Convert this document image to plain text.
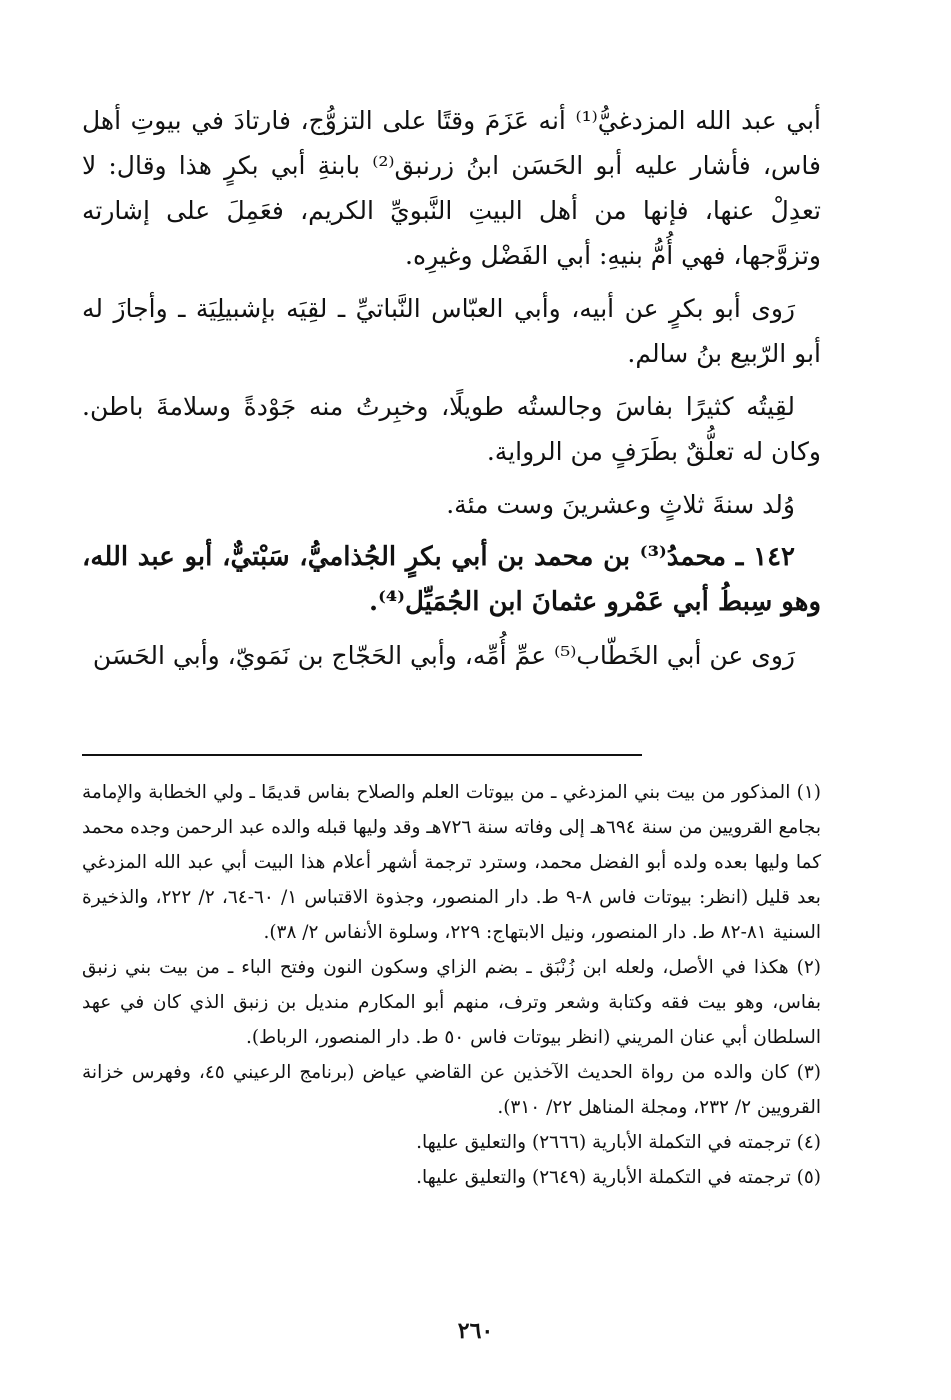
أبي عبد الله المزدغيُّ⁽¹⁾ أنه عَزَمَ وقتًا على التزوُّج، فارتادَ في بيوتِ أهل فاس، فأشار عليه أبو الحَسَن ابنُ زرنبق⁽²⁾ بابنةِ أبي بكرٍ هذا وقال: لا تعدِلْ عنها، فإنها من أهل البيتِ النَّبويِّ الكريم، فعَمِلَ على إشارته وتزوَّجها، فهي أُمُّ بنيهِ: أبي الفَضْل وغيرِه.

رَوى أبو بكرٍ عن أبيه، وأبي العبّاس النَّباتيِّ ـ لقِيَه بإشبيلِيَة ـ وأجازَ له أبو الرّبيع بنُ سالم.

لقِيتُه كثيرًا بفاسَ وجالستُه طويلًا، وخبِرتُ منه جَوْدةً وسلامةَ باطن. وكان له تعلُّقٌ بطَرَفٍ من الرواية.

وُلد سنةَ ثلاثٍ وعشرينَ وست مئة.

١٤٢ ـ محمدُ⁽³⁾ بن محمد بن أبي بكرٍ الجُذاميُّ، سَبْتيٌّ، أبو عبد الله، وهو سِبطُ أبي عَمْرو عثمانَ ابن الجُمَيِّل⁽⁴⁾.

رَوى عن أبي الخَطّاب⁽⁵⁾ عمِّ أُمِّه، وأبي الحَجّاج بن نَمَويّ، وأبي الحَسَن

(١) المذكور من بيت بني المزدغي ـ من بيوتات العلم والصلاح بفاس قديمًا ـ ولي الخطابة والإمامة بجامع القرويين من سنة ٦٩٤هـ إلى وفاته سنة ٧٢٦هـ وقد وليها قبله والده عبد الرحمن وجده محمد كما وليها بعده ولده أبو الفضل محمد، وسترد ترجمة أشهر أعلام هذا البيت أبي عبد الله المزدغي بعد قليل (انظر: بيوتات فاس ٨-٩ ط. دار المنصور، وجذوة الاقتباس ١/ ٦٠-٦٤، ٢/ ٢٢٢، والذخيرة السنية ٨١-٨٢ ط. دار المنصور، ونيل الابتهاج: ٢٢٩، وسلوة الأنفاس ٢/ ٣٨).

(٢) هكذا في الأصل، ولعله ابن زُنْبَق ـ بضم الزاي وسكون النون وفتح الباء ـ من بيت بني زنبق بفاس، وهو بيت فقه وكتابة وشعر وترف، منهم أبو المكارم منديل بن زنبق الذي كان في عهد السلطان أبي عنان المريني (انظر بيوتات فاس ٥٠ ط. دار المنصور، الرباط).

(٣) كان والده من رواة الحديث الآخذين عن القاضي عياض (برنامج الرعيني ٤٥، وفهرس خزانة القرويين ٢/ ٢٣٢، ومجلة المناهل ٢٢/ ٣١٠).

(٤) ترجمته في التكملة الأبارية (٢٦٦٦) والتعليق عليها.

(٥) ترجمته في التكملة الأبارية (٢٦٤٩) والتعليق عليها.

٢٦٠
